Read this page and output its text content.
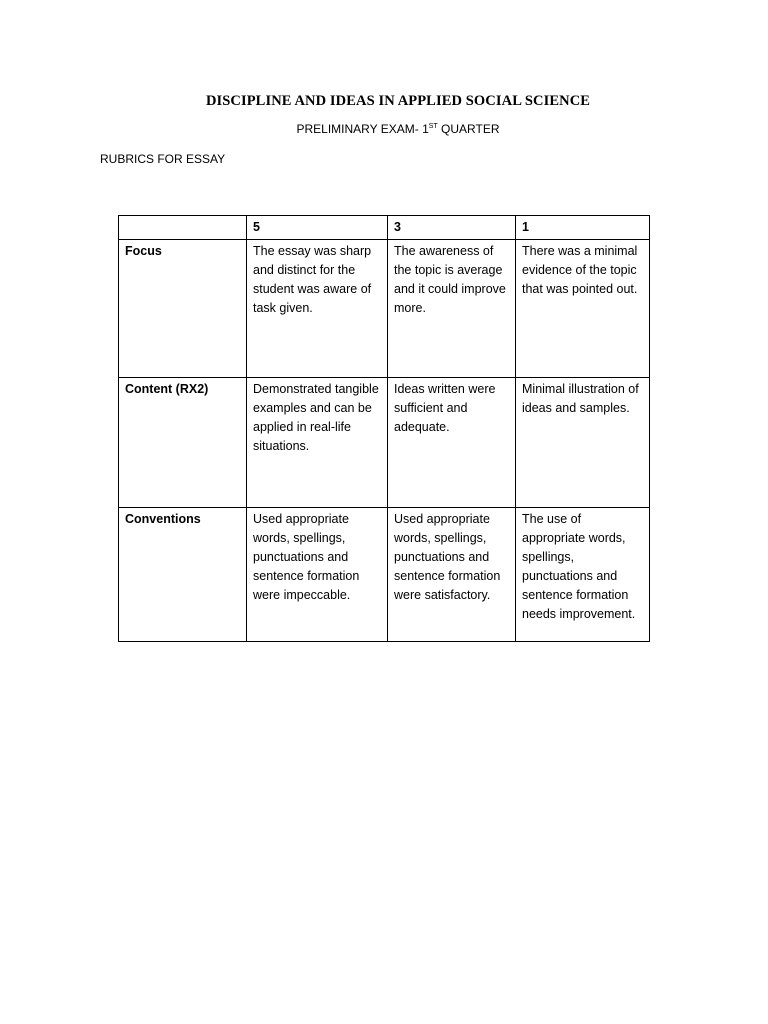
DISCIPLINE AND IDEAS IN APPLIED SOCIAL SCIENCE
PRELIMINARY EXAM- 1ST QUARTER
RUBRICS FOR ESSAY
	5	3	1
Focus	The essay was sharp and distinct for the student was aware of task given.	The awareness of the topic is average and it could improve more.	There was a minimal evidence of the topic that was pointed out.
Content (RX2)	Demonstrated tangible examples and can be applied in real-life situations.	Ideas written were sufficient and adequate.	Minimal illustration of ideas and samples.
Conventions	Used appropriate words, spellings, punctuations and sentence formation were impeccable.	Used appropriate words, spellings, punctuations and sentence formation were satisfactory.	The use of appropriate words, spellings, punctuations and sentence formation needs improvement.
